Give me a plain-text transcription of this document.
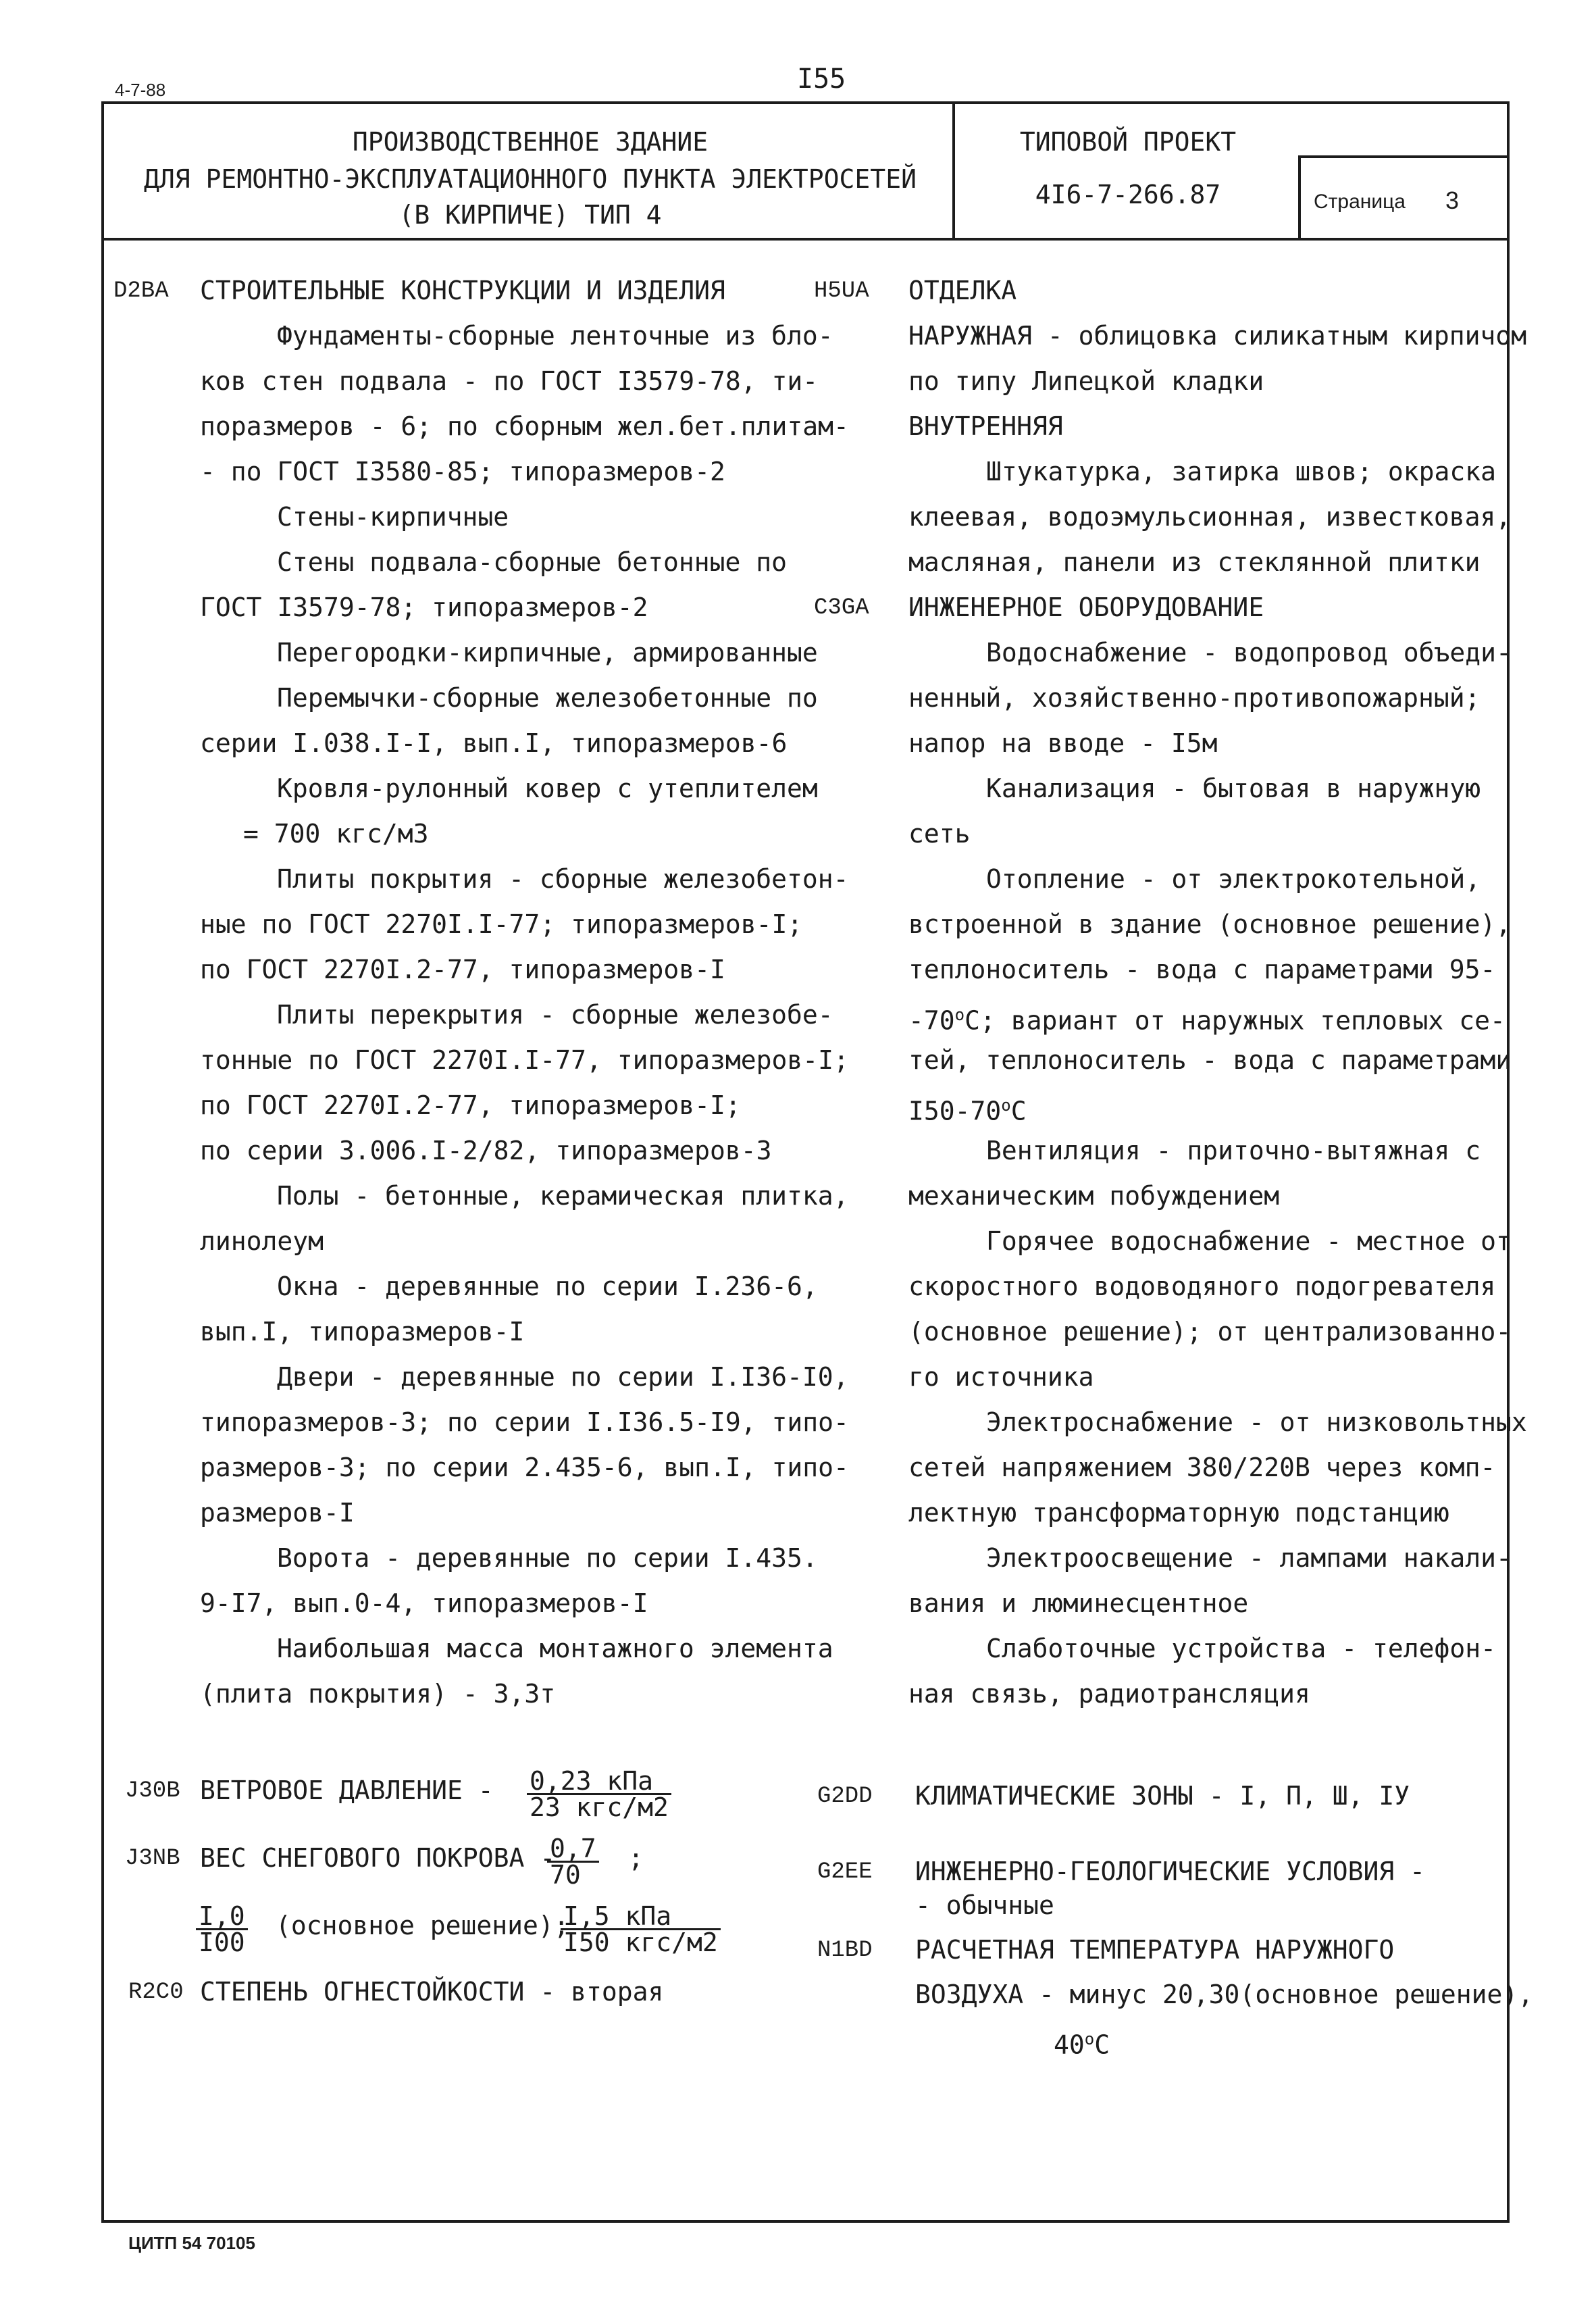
4-7-88	I55
ПРОИЗВОДСТВЕННОЕ ЗДАНИЕ
ДЛЯ РЕМОНТНО-ЭКСПЛУАТАЦИОННОГО ПУНКТА ЭЛЕКТРОСЕТЕЙ
(В КИРПИЧЕ) ТИП 4
ТИПОВОЙ ПРОЕКТ
4I6-7-266.87	Страница 3
D2BA СТРОИТЕЛЬНЫЕ КОНСТРУКЦИИ И ИЗДЕЛИЯ
Фундаменты-сборные ленточные из бло-
ков стен подвала - по ГОСТ I3579-78, ти-
поразмеров - 6; по сборным жел.бет.плитам-
- по ГОСТ I3580-85; типоразмеров-2
Стены-кирпичные
Стены подвала-сборные бетонные по
ГОСТ I3579-78; типоразмеров-2
Перегородки-кирпичные, армированные
Перемычки-сборные железобетонные по
серии I.038.I-I, вып.I, типоразмеров-6
Кровля-рулонный ковер с утеплителем
= 700 кгс/м3
Плиты покрытия - сборные железобетон-
ные по ГОСТ 2270I.I-77; типоразмеров-I;
по ГОСТ 2270I.2-77, типоразмеров-I
Плиты перекрытия - сборные железобе-
тонные по ГОСТ 2270I.I-77, типоразмеров-I;
по ГОСТ 2270I.2-77, типоразмеров-I;
по серии 3.006.I-2/82, типоразмеров-3
Полы - бетонные, керамическая плитка,
линолеум
Окна - деревянные по серии I.236-6,
вып.I, типоразмеров-I
Двери - деревянные по серии I.I36-I0,
типоразмеров-3; по серии I.I36.5-I9, типо-
размеров-3; по серии 2.435-6, вып.I, типо-
размеров-I
Ворота - деревянные по серии I.435.
9-I7, вып.0-4, типоразмеров-I
Наибольшая масса монтажного элемента
(плита покрытия) - 3,3т
H5UA ОТДЕЛКА
НАРУЖНАЯ - облицовка силикатным кирпичом
по типу Липецкой кладки
ВНУТРЕННЯЯ
Штукатурка, затирка швов; окраска
клеевая, водоэмульсионная, известковая,
масляная, панели из стеклянной плитки
C3GA ИНЖЕНЕРНОЕ ОБОРУДОВАНИЕ
Водоснабжение - водопровод объеди-
ненный, хозяйственно-противопожарный;
напор на вводе - I5м
Канализация - бытовая в наружную
сеть
Отопление - от электрокотельной,
встроенной в здание (основное решение),
теплоноситель - вода с параметрами 95-
-70$^o$С; вариант от наружных тепловых се-
тей, теплоноситель - вода с параметрами
I50-70$^o$С
Вентиляция - приточно-вытяжная с
механическим побуждением
Горячее водоснабжение - местное от
скоростного водоводяного подогревателя
(основное решение); от централизованно-
го источника
Электроснабжение - от низковольтных
сетей напряжением 380/220В через комп-
лектную трансформаторную подстанцию
Электроосвещение - лампами накали-
вания и люминесцентное
Слаботочные устройства - телефон-
ная связь, радиотрансляция
J30B ВЕТРОВОЕ ДАВЛЕНИЕ - 0,23 кПа
23 кгс/м2
J3NB ВЕС СНЕГОВОГО ПОКРОВА -
$\frac{0,7}{70}$ ;
$\frac{I,0}{I00}$ (основное решение);
I,5 кПа
I50 кгс/м2
R2C0 СТЕПЕНЬ ОГНЕСТОЙКОСТИ - вторая
G2DD КЛИМАТИЧЕСКИЕ ЗОНЫ - I, П, Ш, IУ
G2EE ИНЖЕНЕРНО-ГЕОЛОГИЧЕСКИЕ УСЛОВИЯ -
- обычные
N1BD РАСЧЕТНАЯ ТЕМПЕРАТУРА НАРУЖНОГО
ВОЗДУХА - минус 20,30(основное решение),
40$^o$С
ЦИТП 54 70105
